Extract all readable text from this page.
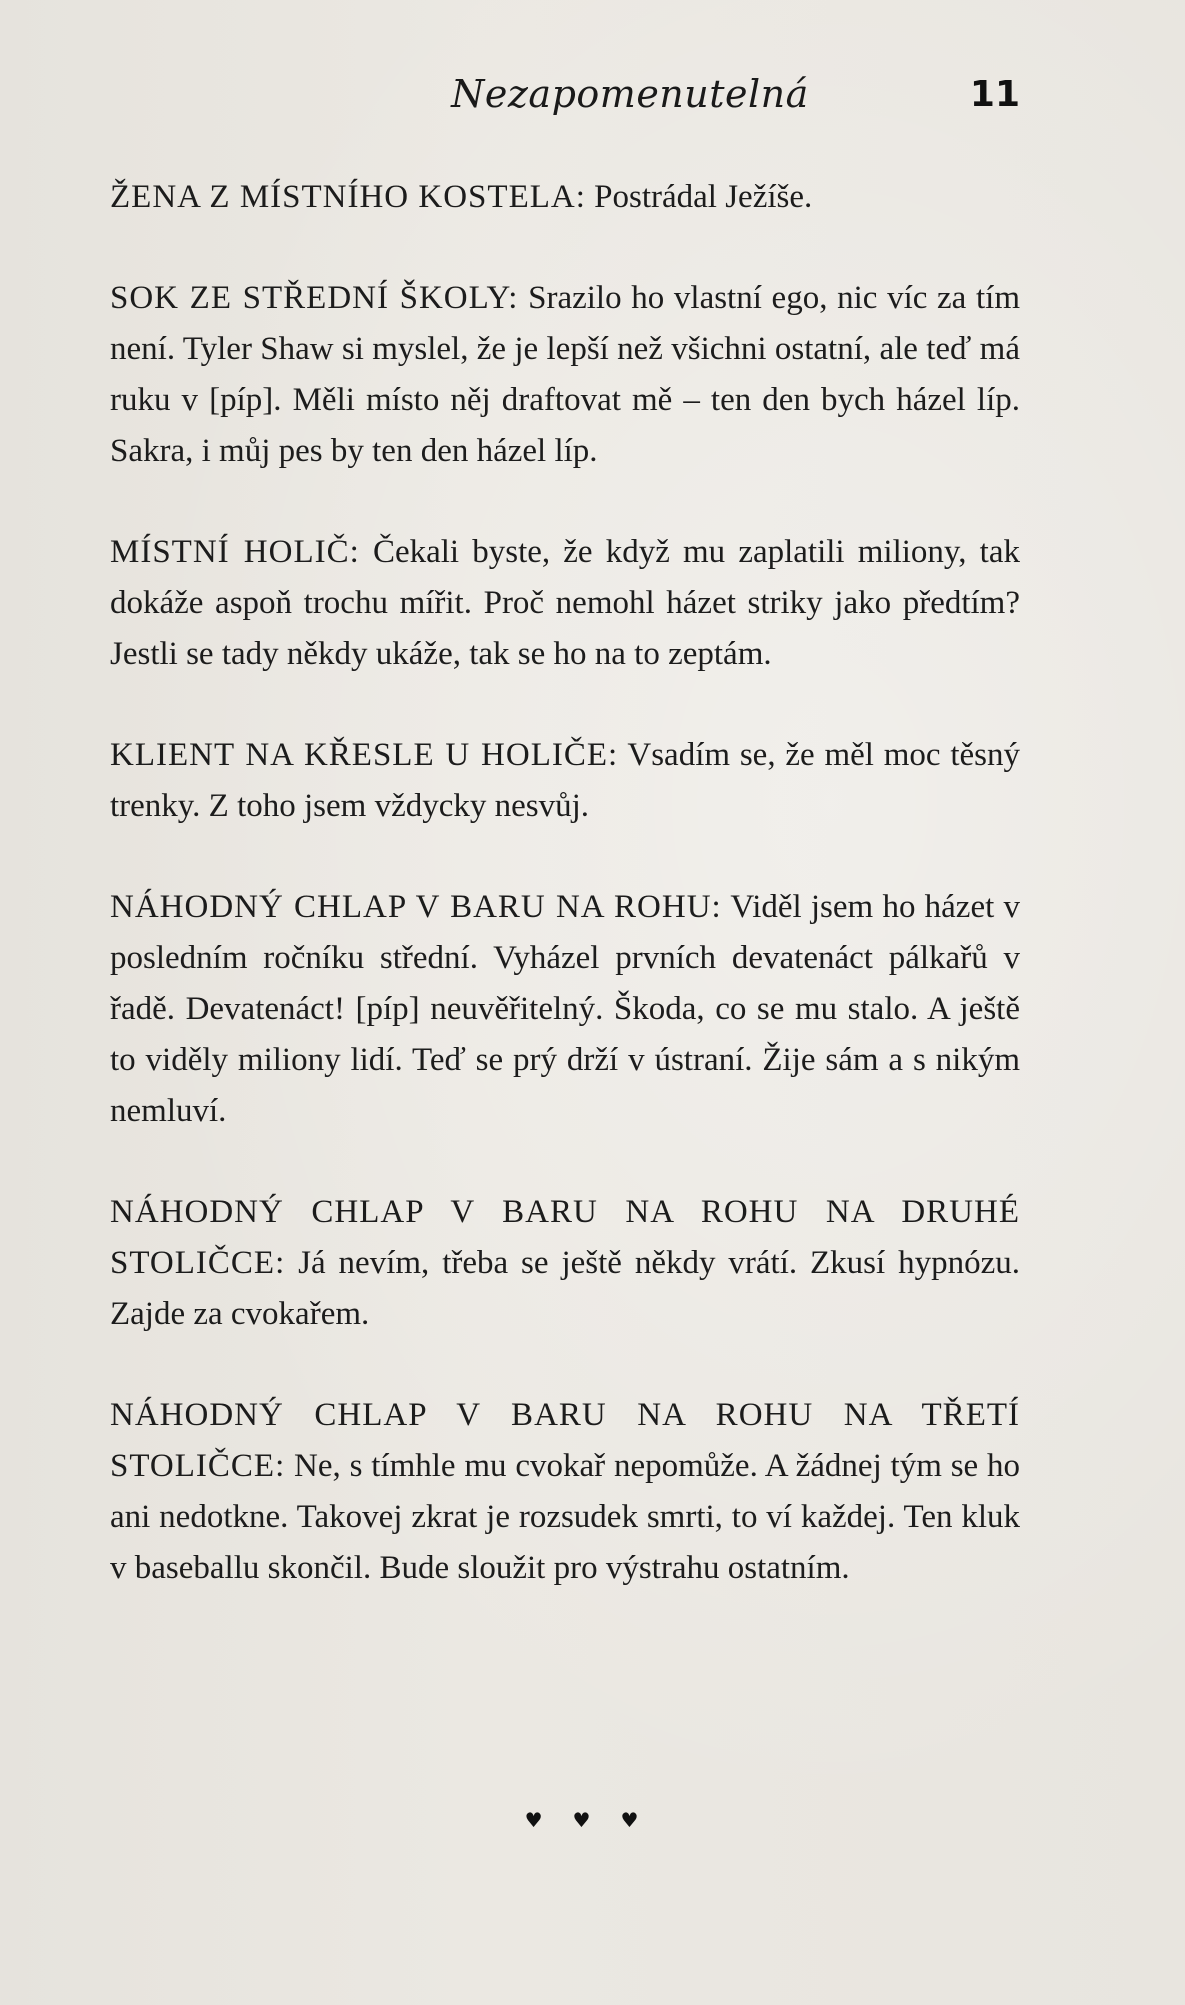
Nezapomenutelná	11

ŽENA Z MÍSTNÍHO KOSTELA: Postrádal Ježíše.

SOK ZE STŘEDNÍ ŠKOLY: Srazilo ho vlastní ego, nic víc za tím není. Tyler Shaw si myslel, že je lepší než všichni ostatní, ale teď má ruku v [píp]. Měli místo něj draftovat mě – ten den bych házel líp. Sakra, i můj pes by ten den házel líp.

MÍSTNÍ HOLIČ: Čekali byste, že když mu zaplatili miliony, tak dokáže aspoň trochu mířit. Proč nemohl házet striky jako předtím? Jestli se tady někdy ukáže, tak se ho na to zeptám.

KLIENT NA KŘESLE U HOLIČE: Vsadím se, že měl moc těsný trenky. Z toho jsem vždycky nesvůj.

NÁHODNÝ CHLAP V BARU NA ROHU: Viděl jsem ho házet v posledním ročníku střední. Vyházel prvních devatenáct pálkařů v řadě. Devatenáct! [píp] neuvěřitelný. Škoda, co se mu stalo. A ještě to viděly miliony lidí. Teď se prý drží v ústraní. Žije sám a s nikým nemluví.

NÁHODNÝ CHLAP V BARU NA ROHU NA DRUHÉ STOLIČCE: Já nevím, třeba se ještě někdy vrátí. Zkusí hypnózu. Zajde za cvokařem.

NÁHODNÝ CHLAP V BARU NA ROHU NA TŘETÍ STOLIČCE: Ne, s tímhle mu cvokař nepomůže. A žádnej tým se ho ani nedotkne. Takovej zkrat je rozsudek smrti, to ví každej. Ten kluk v baseballu skončil. Bude sloužit pro výstrahu ostatním.

♥ ♥ ♥
